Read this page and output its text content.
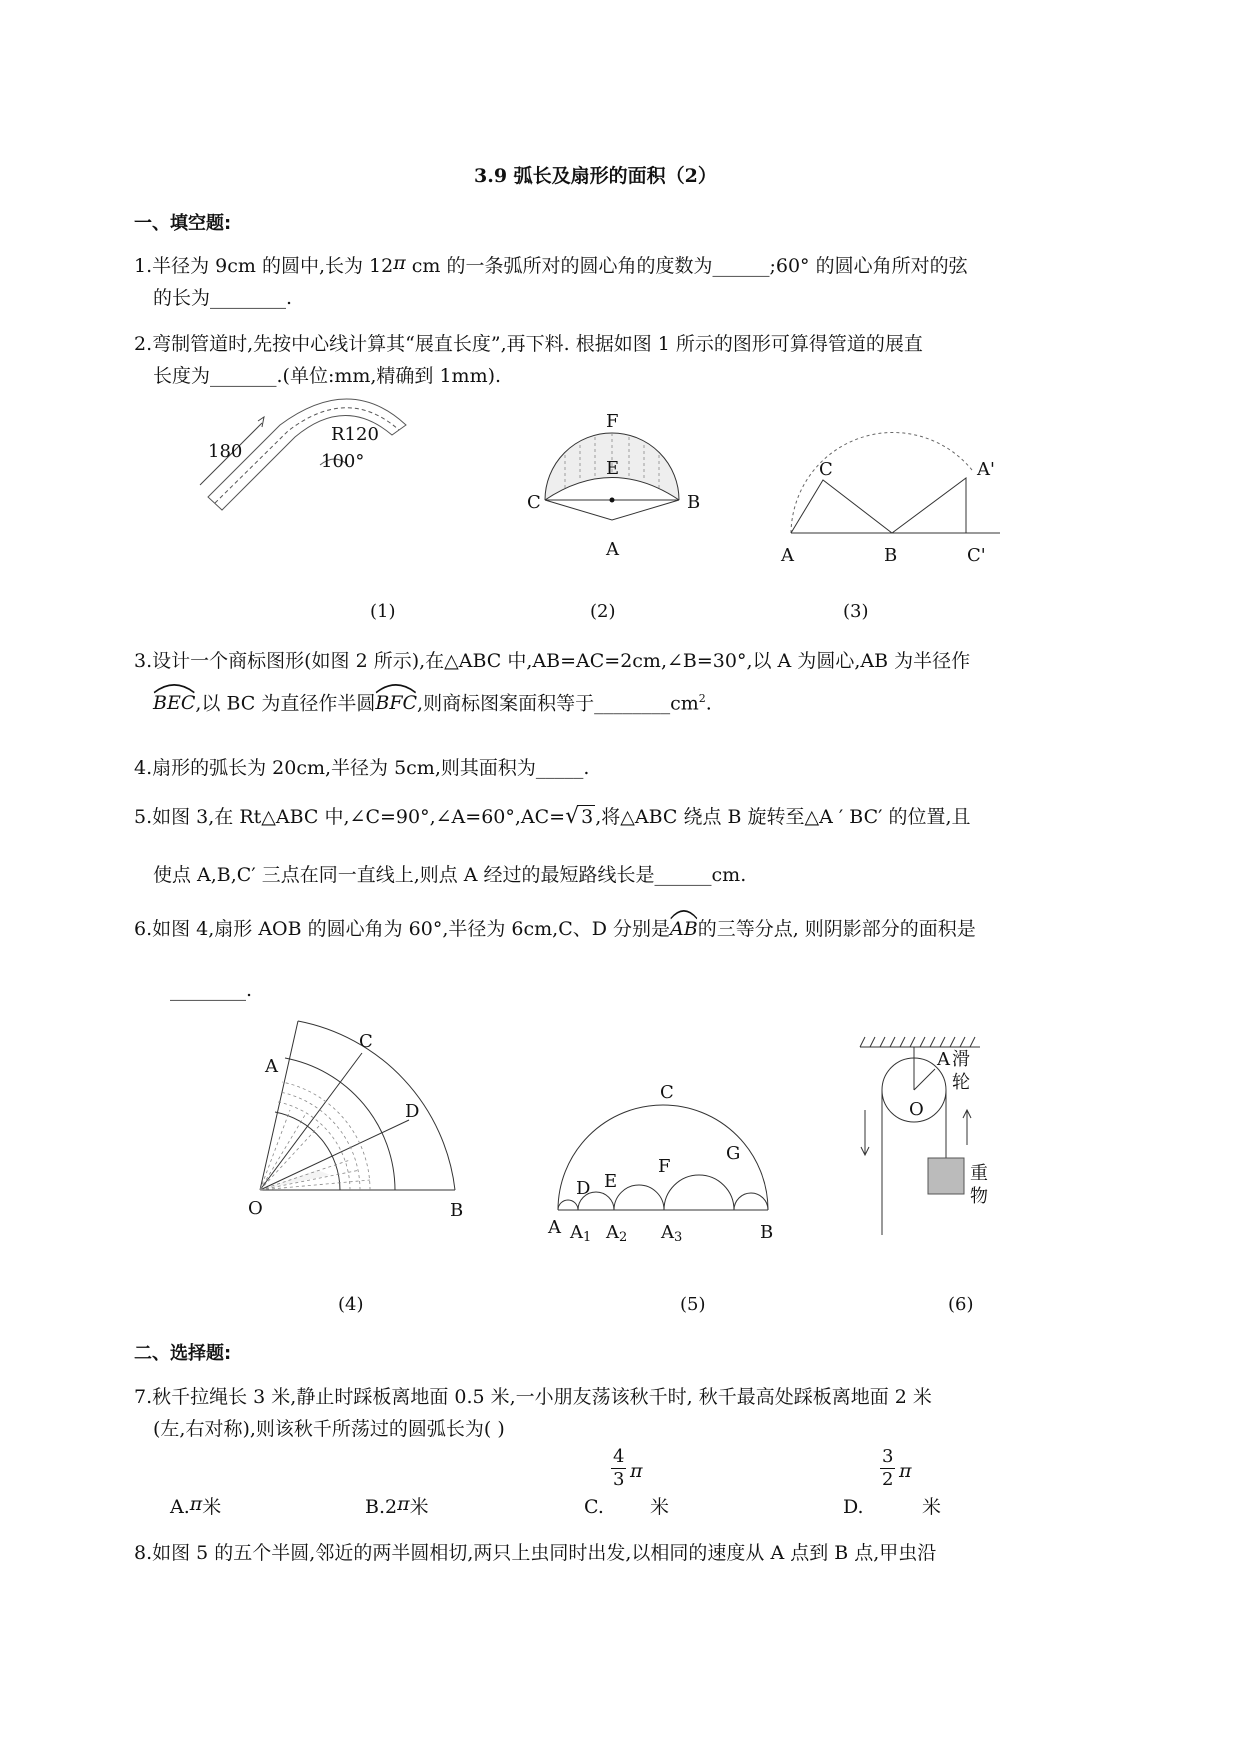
3.9 弧长及扇形的面积（2）
一、填空题:
1.半径为 9cm 的圆中,长为 12π cm 的一条弧所对的圆心角的度数为______;60° 的圆心角所对的弦
的长为________.
2.弯制管道时,先按中心线计算其“展直长度”,再下料. 根据如图 1 所示的图形可算得管道的展直
长度为_______.(单位:mm,精确到 1mm).
180
R120
100°
F
E
C	B
A
C	A'
A	B	C'
(1)	(2)	(3)
3.设计一个商标图形(如图 2 所示),在△ABC 中,AB=AC=2cm,∠B=30°,以 A 为圆心,AB 为半径作
BEC,以 BC 为直径作半圆
BFC,则商标图案面积等于$\_\_\_\_\_\_\_\_cm^2$.
4.扇形的弧长为 20cm,半径为 5cm,则其面积为_____.
5.如图 3,在 Rt△ABC 中,∠C=90°,∠A=60°,AC=√ 3 ,将△ABC 绕点 B 旋转至△A ′ BC′ 的位置,且
使点 A,B,C′ 三点在同一直线上,则点 A 经过的最短路线长是______cm.
6.如图 4,扇形 AOB 的圆心角为 60°,半径为 6cm,C、D 分别是
AB的三等分点, 则阴影部分的面积是
________.
A
C
D
O	B
C
D E
F
G
A A1 A2 A3	B
A
O
滑
轮
重
物
(4)	(5)	(6)
二、选择题:
7.秋千拉绳长 3 米,静止时踩板离地面 0.5 米,一小朋友荡该秋千时, 秋千最高处踩板离地面 2 米
(左,右对称),则该秋千所荡过的圆弧长为( )
A.π米	B.2π米	C.
$\frac{4}{3}$ π
米	D.
$\frac{3}{2}$ π
米
8.如图 5 的五个半圆,邻近的两半圆相切,两只上虫同时出发,以相同的速度从 A 点到 B 点,甲虫沿
